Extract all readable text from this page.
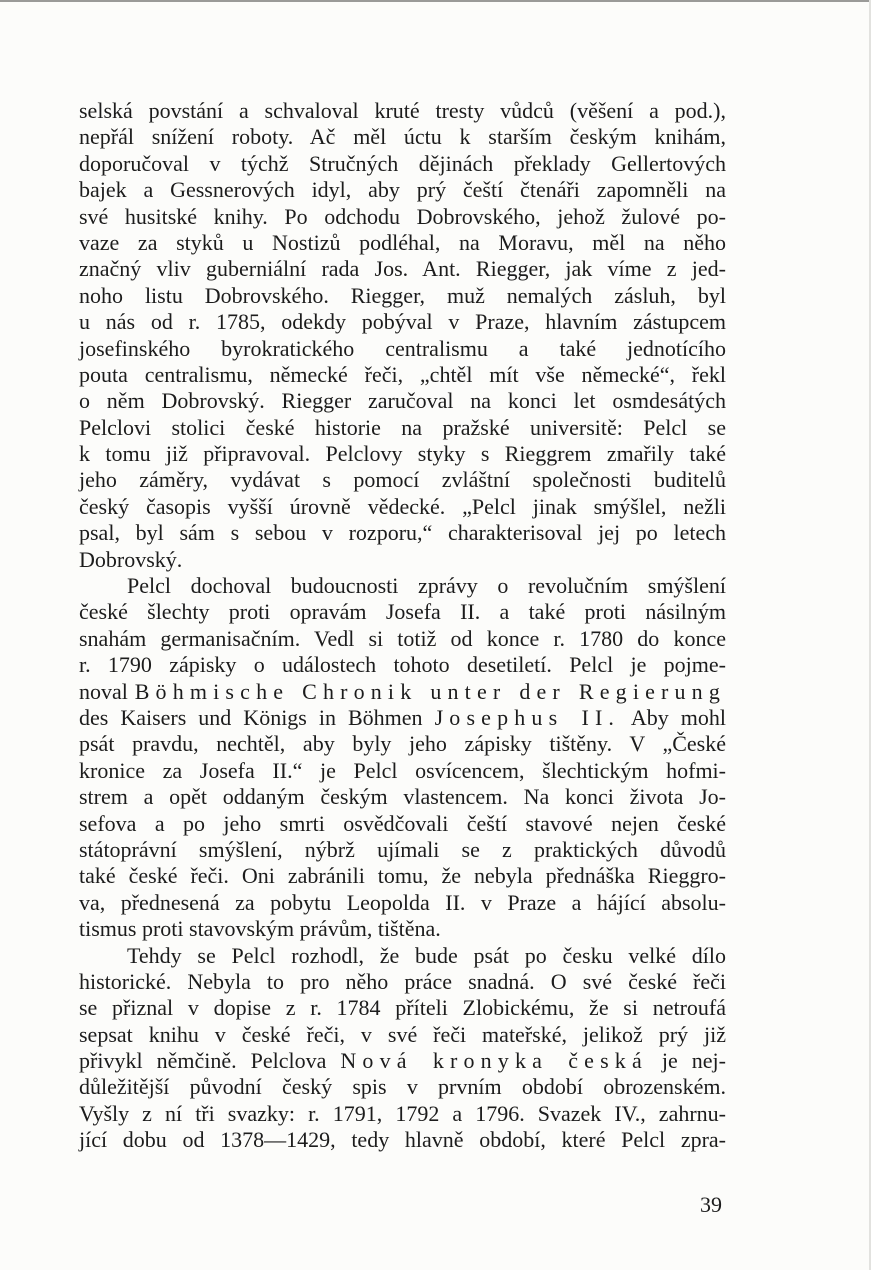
selská povstání a schvaloval kruté tresty vůdců (věšení a pod.),
nepřál snížení roboty. Ač měl úctu k starším českým knihám,
doporučoval v týchž Stručných dějinách překlady Gellertových
bajek a Gessnerových idyl, aby prý čeští čtenáři zapomněli na
své husitské knihy. Po odchodu Dobrovského, jehož žulové po-
vaze za styků u Nostizů podléhal, na Moravu, měl na něho
značný vliv guberniální rada Jos. Ant. Riegger, jak víme z jed-
noho listu Dobrovského. Riegger, muž nemalých zásluh, byl
u nás od r. 1785, odekdy pobýval v Praze, hlavním zástupcem
josefinského byrokratického centralismu a také jednotícího
pouta centralismu, německé řeči, „chtěl mít vše německé“, řekl
o něm Dobrovský. Riegger zaručoval na konci let osmdesátých
Pelclovi stolici české historie na pražské universitě: Pelcl se
k tomu již připravoval. Pelclovy styky s Rieggrem zmařily také
jeho záměry, vydávat s pomocí zvláštní společnosti buditelů
český časopis vyšší úrovně vědecké. „Pelcl jinak smýšlel, nežli
psal, byl sám s sebou v rozporu,“ charakterisoval jej po letech
Dobrovský.
Pelcl dochoval budoucnosti zprávy o revolučním smýšlení
české šlechty proti opravám Josefa II. a také proti násilným
snahám germanisačním. Vedl si totiž od konce r. 1780 do konce
r. 1790 zápisky o událostech tohoto desetiletí. Pelcl je pojme-
noval Böhmische Chronik unter der Regierung
des Kaisers und Königs in Böhmen Josephus II. Aby mohl
psát pravdu, nechtěl, aby byly jeho zápisky tištěny. V „České
kronice za Josefa II.“ je Pelcl osvícencem, šlechtickým hofmi-
strem a opět oddaným českým vlastencem. Na konci života Jo-
sefova a po jeho smrti osvědčovali čeští stavové nejen české
státoprávní smýšlení, nýbrž ujímali se z praktických důvodů
také české řeči. Oni zabránili tomu, že nebyla přednáška Rieggro-
va, přednesená za pobytu Leopolda II. v Praze a hájící absolu-
tismus proti stavovským právům, tištěna.
Tehdy se Pelcl rozhodl, že bude psát po česku velké dílo
historické. Nebyla to pro něho práce snadná. O své české řeči
se přiznal v dopise z r. 1784 příteli Zlobickému, že si netroufá
sepsat knihu v české řeči, v své řeči mateřské, jelikož prý již
přivykl němčině. Pelclova Nová kronyka česká je nej-
důležitější původní český spis v prvním období obrozenském.
Vyšly z ní tři svazky: r. 1791, 1792 a 1796. Svazek IV., zahrnu-
jící dobu od 1378—1429, tedy hlavně období, které Pelcl zpra-
39
